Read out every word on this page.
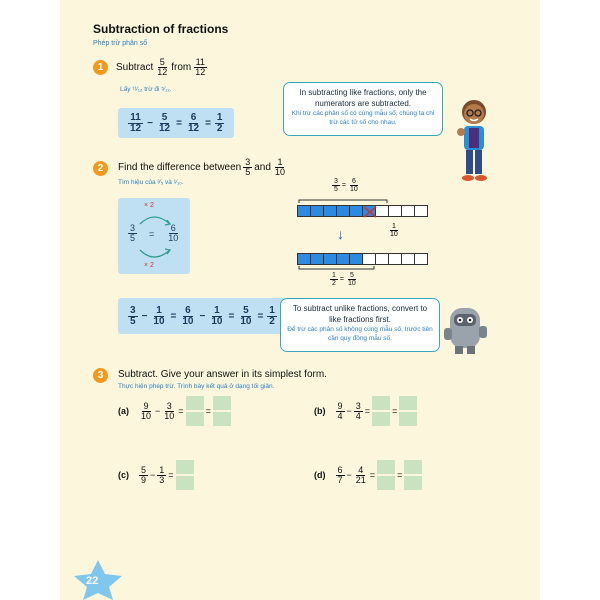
Subtraction of fractions
Phép trừ phân số
1	Subtract $\frac{5}{12}$ from $\frac{11}{12}$
Lấy ¹¹⁄₁₂ trừ đi ⁵⁄₁₂.
$\frac{11}{12} - \frac{5}{12} = \frac{6}{12} = \frac{1}{2}$
In subtracting like fractions, only the numerators are subtracted.
Khi trừ các phân số có cùng mẫu số, chúng ta chỉ trừ các tử số cho nhau.
2	Find the difference between $\frac{3}{5}$ and $\frac{1}{10}$
Tìm hiệu của ³⁄₅ và ¹⁄₁₀.
× 2
$\frac{3}{5} = \frac{6}{10}$
× 2
$\frac{3}{5} = \frac{6}{10}$
$\frac{1}{10}$
↓
$\frac{1}{2} = \frac{5}{10}$
$\frac{3}{5} - \frac{1}{10} = \frac{6}{10} - \frac{1}{10} = \frac{5}{10} = \frac{1}{2}$	To subtract unlike fractions, convert to like fractions first.
Để trừ các phân số không cùng mẫu số, trước tiên cần quy đồng mẫu số.
3	Subtract. Give your answer in its simplest form.
Thực hiện phép trừ. Trình bày kết quả ở dạng tối giản.
$(a) \frac{9}{10} - \frac{3}{10}$ = =	$(b) \frac{9}{4} - \frac{3}{4}$ = =
$(c) \frac{5}{9} - \frac{1}{3}$ =	$(d) \frac{6}{7} - \frac{4}{21}$ = =
22
